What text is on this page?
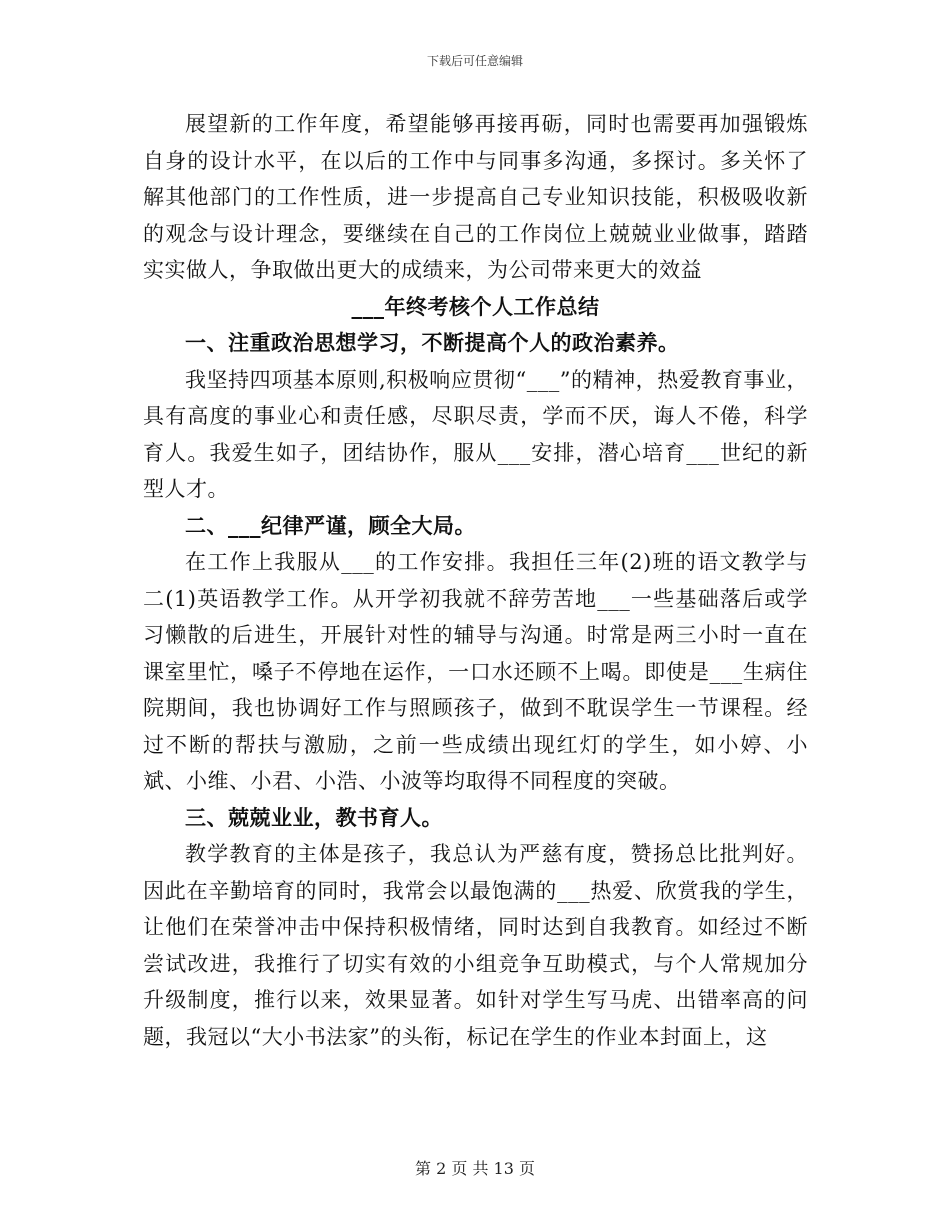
下载后可任意编辑

展望新的工作年度，希望能够再接再砺，同时也需要再加强锻炼自身的设计水平，在以后的工作中与同事多沟通，多探讨。多关怀了解其他部门的工作性质，进一步提高自己专业知识技能，积极吸收新的观念与设计理念，要继续在自己的工作岗位上兢兢业业做事，踏踏实实做人，争取做出更大的成绩来，为公司带来更大的效益

___年终考核个人工作总结

一、注重政治思想学习，不断提高个人的政治素养。

我坚持四项基本原则,积极响应贯彻“___”的精神，热爱教育事业，具有高度的事业心和责任感，尽职尽责，学而不厌，诲人不倦，科学育人。我爱生如子，团结协作，服从___安排，潜心培育___世纪的新型人才。

二、___纪律严谨，顾全大局。

在工作上我服从___的工作安排。我担任三年(2)班的语文教学与二(1)英语教学工作。从开学初我就不辞劳苦地___一些基础落后或学习懒散的后进生，开展针对性的辅导与沟通。时常是两三小时一直在课室里忙，嗓子不停地在运作，一口水还顾不上喝。即使是___生病住院期间，我也协调好工作与照顾孩子，做到不耽误学生一节课程。经过不断的帮扶与激励，之前一些成绩出现红灯的学生，如小婷、小斌、小维、小君、小浩、小波等均取得不同程度的突破。

三、兢兢业业，教书育人。

教学教育的主体是孩子，我总认为严慈有度，赞扬总比批判好。因此在辛勤培育的同时，我常会以最饱满的___热爱、欣赏我的学生，让他们在荣誉冲击中保持积极情绪，同时达到自我教育。如经过不断尝试改进，我推行了切实有效的小组竞争互助模式，与个人常规加分升级制度，推行以来，效果显著。如针对学生写马虎、出错率高的问题，我冠以“大小书法家”的头衔，标记在学生的作业本封面上，这

第 2 页 共 13 页
